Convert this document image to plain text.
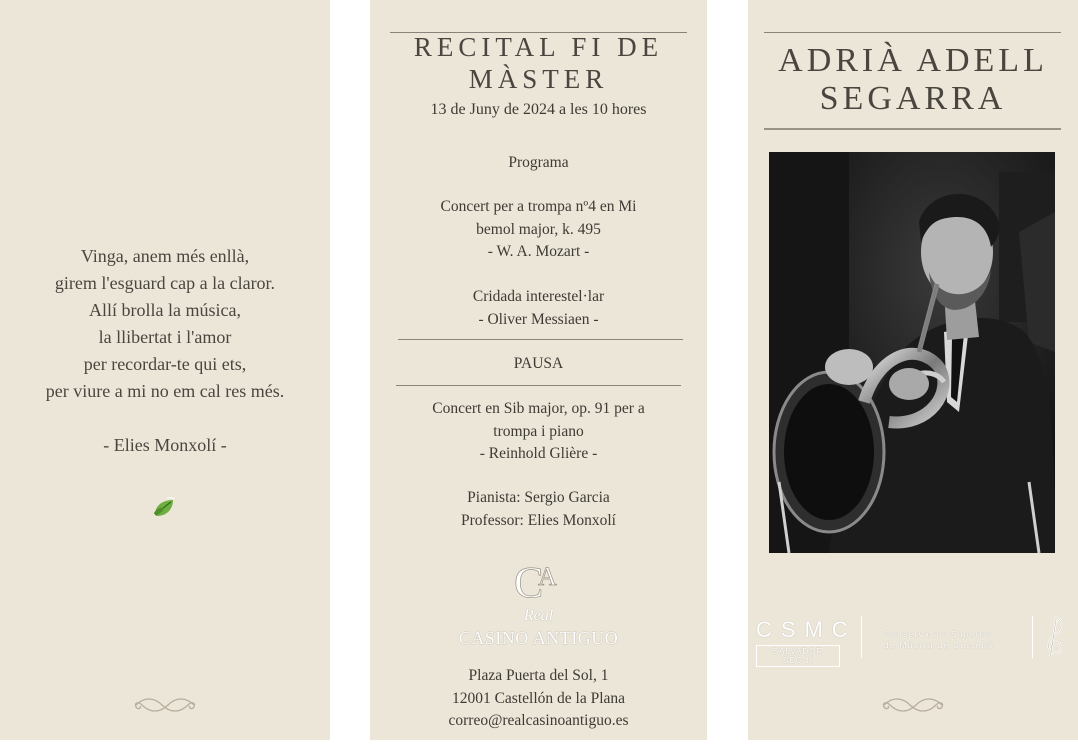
Vinga, anem més enllà,
girem l'esguard cap a la claror.
Allí brolla la música,
la llibertat i l'amor
per recordar-te qui ets,
per viure a mi no em cal res més.
- Elies Monxolí -
RECITAL FI DE
MÀSTER
13 de Juny de 2024 a les 10 hores
Programa
Concert per a trompa nº4 en Mi
bemol major, k. 495
- W. A. Mozart -
Cridada interestel·lar
- Oliver Messiaen -
PAUSA
Concert en Sib major, op. 91 per a
trompa i piano
- Reinhold Glière -
Pianista: Sergio Garcia
Professor: Elies Monxolí
C
A
Real
CASINO ANTIGUO
Plaza Puerta del Sol, 1
12001 Castellón de la Plana
correo@realcasinoantiguo.es
ADRIÀ ADELL
SEGARRA
CSMC
SALVADOR SEGUÍ
Conservatori Superior
de Música de Castelló
